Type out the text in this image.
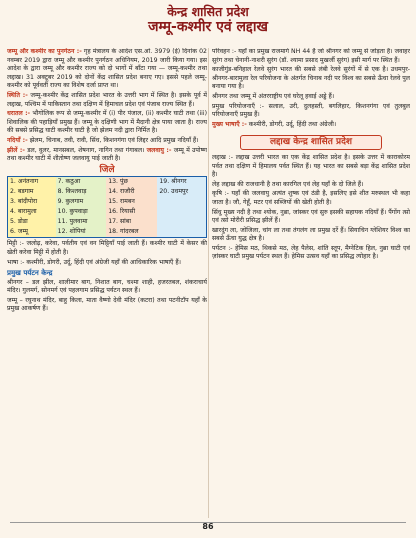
केन्द्र शासित प्रदेश
जम्मू-कश्मीर एवं लद्दाख

जम्मू और कश्मीर का पुनर्गठन :- गृह मंत्रालय के आदेश एस.ओ. 3979 (ई) दिनांक 02 नवम्बर 2019 द्वारा जम्मू और कश्मीर पुनर्गठन अधिनियम, 2019 जारी किया गया। इस आदेश के द्वारा जम्मू और कश्मीर राज्य को दो भागों में बाँटा गया — जम्मू-कश्मीर तथा लद्दाख। 31 अक्टूबर 2019 को दोनों केंद्र शासित प्रदेश बनाए गए। इससे पहले जम्मू-कश्मीर को पूर्ववर्ती राज्य का विशेष दर्जा प्राप्त था।

स्थिति :- जम्मू-कश्मीर केंद्र शासित प्रदेश भारत के उत्तरी भाग में स्थित है। इसके पूर्व में लद्दाख, पश्चिम में पाकिस्तान तथा दक्षिण में हिमाचल प्रदेश एवं पंजाब राज्य स्थित हैं।

धरातल :- भौगोलिक रूप से जम्मू-कश्मीर में (i) पीर पंजाल, (ii) कश्मीर घाटी तथा (iii) शिवालिक की पहाड़ियाँ प्रमुख हैं। जम्मू के दक्षिणी भाग में मैदानी क्षेत्र पाया जाता है। राज्य की सबसे प्रसिद्ध घाटी कश्मीर घाटी है जो झेलम नदी द्वारा निर्मित है।

नदियाँ :- झेलम, चिनाब, तवी, रावी, सिंध, किशनगंगा एवं लिद्दर आदि प्रमुख नदियाँ हैं।

झीलें :- डल, वुलर, मानसबल, शेषनाग, नागिन तथा गंगाबल। जलवायु :- जम्मू में उपोष्ण तथा कश्मीर घाटी में शीतोष्ण जलवायु पाई जाती है।

जिले
1. अनंतनाग	7. कठुआ	13. पुंछ	19. श्रीनगर
2. बडगाम	8. किश्तवाड़	14. राजौरी	20. उधमपुर
3. बांदीपोरा	9. कुलगाम	15. रामबन	
4. बारामुला	10. कुपवाड़ा	16. रियासी	
5. डोडा	11. पुलवामा	17. सांबा	
6. जम्मू	12. शोपियां	18. गांदरबल	

मिट्टी :- जलोढ़, करेवा, पर्वतीय एवं वन मिट्टियाँ पाई जाती हैं। कश्मीर घाटी में केसर की खेती करेवा मिट्टी में होती है।

भाषा :- कश्मीरी, डोगरी, उर्दू, हिंदी एवं अंग्रेजी यहाँ की आधिकारिक भाषाएँ हैं।

प्रमुख पर्यटन केन्द्र

श्रीनगर – डल झील, शालीमार बाग, निशात बाग, चश्मा शाही, हजरतबल, शंकराचार्य मंदिर। गुलमर्ग, सोनमर्ग एवं पहलगाम प्रसिद्ध पर्यटन स्थल हैं।

जम्मू – रघुनाथ मंदिर, बाहु किला, माता वैष्णो देवी मंदिर (कटरा) तथा पटनीटॉप यहाँ के प्रमुख आकर्षण हैं।

परिवहन :- यहाँ का प्रमुख राजमार्ग NH 44 है जो श्रीनगर को जम्मू से जोड़ता है। जवाहर सुरंग तथा चेनानी-नाशरी सुरंग (डॉ. श्यामा प्रसाद मुखर्जी सुरंग) इसी मार्ग पर स्थित हैं।

काजीगुंड-बनिहाल रेलवे सुरंग भारत की सबसे लंबी रेलवे सुरंगों में से एक है। उधमपुर-श्रीनगर-बारामुला रेल परियोजना के अंतर्गत चिनाब नदी पर विश्व का सबसे ऊँचा रेलवे पुल बनाया गया है।

श्रीनगर तथा जम्मू में अंतरराष्ट्रीय एवं घरेलू हवाई अड्डे हैं।

प्रमुख परियोजनाएँ :- सलाल, उरी, दुलहस्ती, बगलिहार, किशनगंगा एवं तुलबुल परियोजनाएँ प्रमुख हैं।

मुख्य भाषाएँ :- कश्मीरी, डोगरी, उर्दू, हिंदी तथा अंग्रेजी।

लद्दाख केन्द्र शासित प्रदेश

लद्दाख :- लद्दाख उत्तरी भारत का एक केंद्र शासित प्रदेश है। इसके उत्तर में काराकोरम पर्वत तथा दक्षिण में हिमालय पर्वत स्थित हैं। यह भारत का सबसे बड़ा केंद्र शासित प्रदेश है।

लेह लद्दाख की राजधानी है तथा कारगिल एवं लेह यहाँ के दो जिले हैं।

कृषि :- यहाँ की जलवायु अत्यंत शुष्क एवं ठंडी है, इसलिए इसे शीत मरुस्थल भी कहा जाता है। जौ, गेहूँ, मटर एवं सब्जियों की खेती होती है।

सिंधु मुख्य नदी है तथा श्योक, नुब्रा, जांस्कर एवं सुरु इसकी सहायक नदियाँ हैं। पैंगोंग त्सो एवं त्सो मोरीरी प्रसिद्ध झीलें हैं।

खारदुंग ला, जोजिला, चांग ला तथा तंगलंग ला प्रमुख दर्रे हैं। सियाचिन ग्लेशियर विश्व का सबसे ऊँचा युद्ध क्षेत्र है।

पर्यटन :- हेमिस मठ, थिकसे मठ, लेह पैलेस, शांति स्तूप, मैग्नेटिक हिल, नुब्रा घाटी एवं ज़ांस्कर घाटी प्रमुख पर्यटन स्थल हैं। हेमिस उत्सव यहाँ का प्रसिद्ध त्योहार है।

86
